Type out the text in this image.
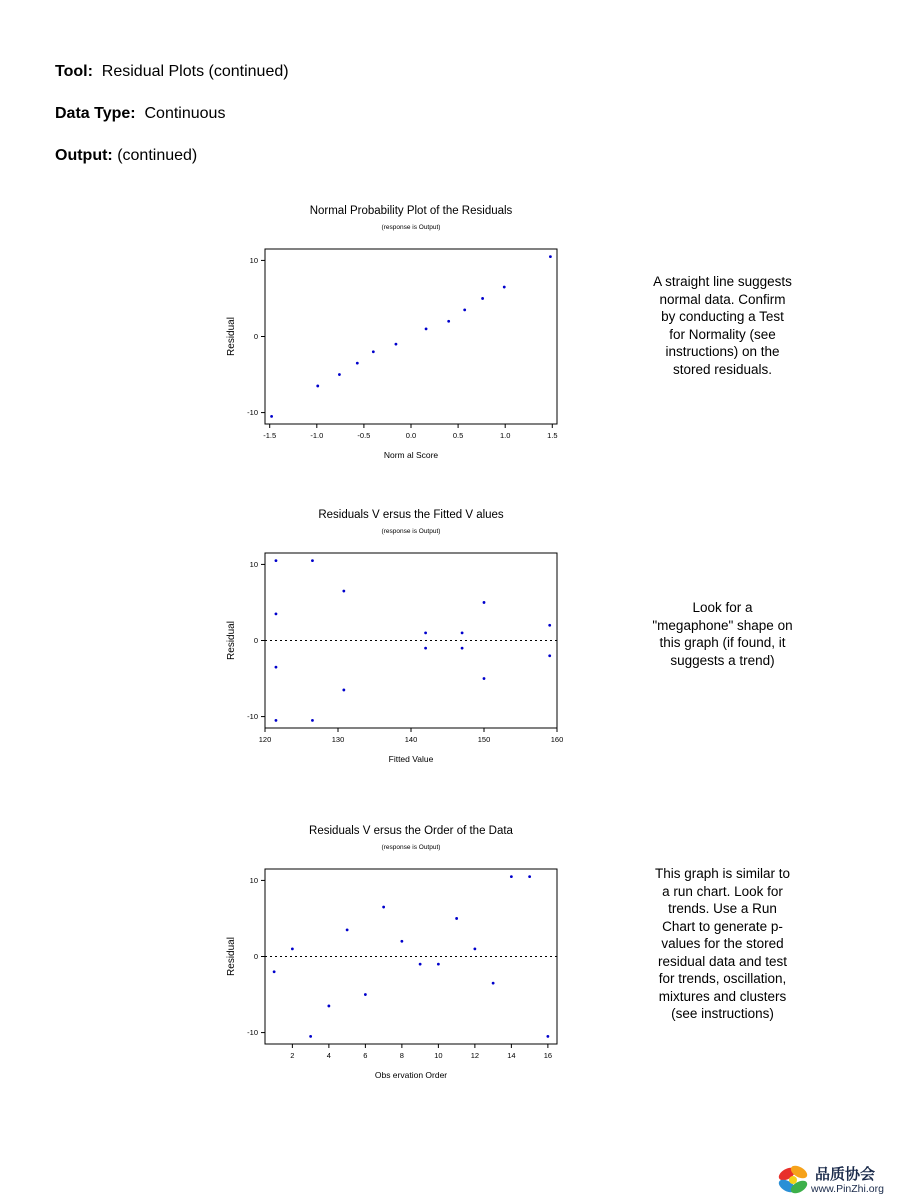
Tool: Residual Plots (continued)
Data Type: Continuous
Output: (continued)
Normal Probability Plot of the Residuals
(response is Output)
-1.5	-1.0	-0.5	0.0	0.5	1.0	1.5
-10
0
10
Norm al Score
Residual
Residuals V ersus the Fitted V alues
(response is Output)
120	130	140	150	160
-10
0
10
Fitted Value
Residual
Residuals V ersus the Order of the Data
(response is Output)
2	4	6	8	10	12	14	16
-10
0
10
Obs ervation Order
Residual
A straight line suggests
normal data. Confirm
by conducting a Test
for Normality (see
instructions) on the
stored residuals.
Look for a
"megaphone" shape on
this graph (if found, it
suggests a trend)
This graph is similar to
a run chart. Look for
trends. Use a Run
Chart to generate p-
values for the stored
residual data and test
for trends, oscillation,
mixtures and clusters
(see instructions)
品质协会
www.PinZhi.org
